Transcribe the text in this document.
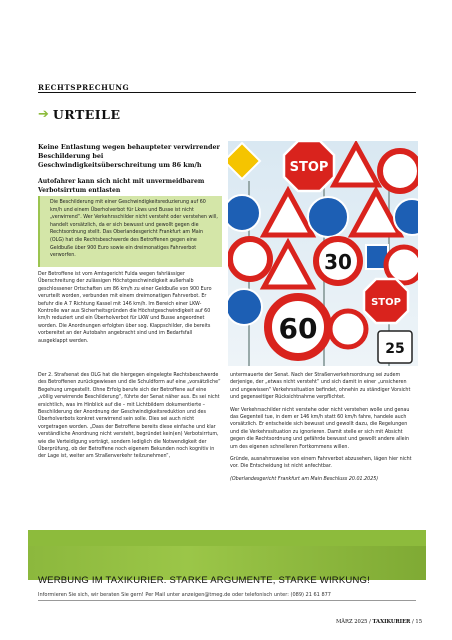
RECHTSPRECHUNG
➔ URTEILE
Keine Entlastung wegen behaupteter verwirrender Beschilderung bei Geschwindigkeitsüberschreitung um 86 km/h
Autofahrer kann sich nicht mit unvermeidbarem Verbotsirrtum entlasten
Die Beschilderung mit einer Geschwindigkeitsreduzierung auf 60 km/h und einem Überholverbot für Lkws und Busse ist nicht „verwirrend“. Wer Verkehrsschilder nicht versteht oder verstehen will, handelt vorsätzlich, da er sich bewusst und gewollt gegen die Rechtsordnung stellt. Das Oberlandesgericht Frankfurt am Main (OLG) hat die Rechtsbeschwerde des Betroffenen gegen eine Geldbuße über 900 Euro sowie ein dreimonatiges Fahrverbot verworfen.

Der Betroffene ist vom Amtsgericht Fulda wegen fahrlässiger Überschreitung der zulässigen Höchstgeschwindigkeit außerhalb geschlossener Ortschaften um 86 km/h zu einer Geldbuße von 900 Euro verurteilt worden, verbunden mit einem dreimonatigen Fahrverbot. Er befuhr die A 7 Richtung Kassel mit 146 km/h. Im Bereich einer LKW-Kontrolle war aus Sicherheitsgründen die Höchstgeschwindigkeit auf 60 km/h reduziert und ein Überholverbot für LKW und Busse angeordnet worden. Die Anordnungen erfolgten über sog. Klappschilder, die bereits vorbereitet an der Autobahn angebracht sind und im Bedarfsfall ausgeklappt werden.

Der 2. Strafsenat des OLG hat die hiergegen eingelegte Rechtsbeschwerde des Betroffenen zurückgewiesen und die Schuldform auf eine „vorsätzliche“ Begehung umgestellt. Ohne Erfolg berufe sich der Betroffene auf eine „völlig verwirrende Beschilderung“, führte der Senat näher aus. Es sei nicht ersichtlich, was im Hinblick auf die – mit Lichtbildern dokumentierte – Beschilderung der Anordnung der Geschwindigkeitsreduktion und des Überholverbots konkret verwirrend sein solle. Dies sei auch nicht vorgetragen worden. „Dass der Betroffene bereits diese einfache und klar verständliche Anordnung nicht versteht, begründet kein(en) Verbotsirrtum, wie die Verteidigung vorträgt, sondern lediglich die Notwendigkeit der Überprüfung, ob der Betroffene noch eigenem Bekunden noch kognitiv in der Lage ist, weiter am Straßenverkehr teilzunehmen“,

untermauerte der Senat. Nach der Straßenverkehrsordnung sei zudem derjenige, der „etwas nicht versteht“ und sich damit in einer „unsicheren und ungewissen“ Verkehrssituation befindet, ohnehin zu ständiger Vorsicht und gegenseitiger Rücksichtnahme verpflichtet.

Wer Verkehrsschilder nicht verstehe oder nicht verstehen wolle und genau das Gegenteil tue, in dem er 146 km/h statt 60 km/h fahre, handele auch vorsätzlich. Er entscheide sich bewusst und gewollt dazu, die Regelungen und die Verkehrssituation zu ignorieren. Damit stelle er sich mit Absicht gegen die Rechtsordnung und gefährde bewusst und gewollt andere allein um des eigenen schnelleren Fortkommens willen.

Gründe, ausnahmsweise von einem Fahrverbot abzusehen, lägen hier nicht vor. Die Entscheidung ist nicht anfechtbar.

(Oberlandesgericht Frankfurt am Main Beschluss 20.01.2025)

STOP
30
STOP
60
25
WERBUNG IM TAXIKURIER. STARKE ARGUMENTE, STARKE WIRKUNG!
Informieren Sie sich, wir beraten Sie gern! Per Mail unter anzeigen@tmeg.de oder telefonisch unter: (089) 21 61 877
MÄRZ 2025 / TAXIKURIER / 15
